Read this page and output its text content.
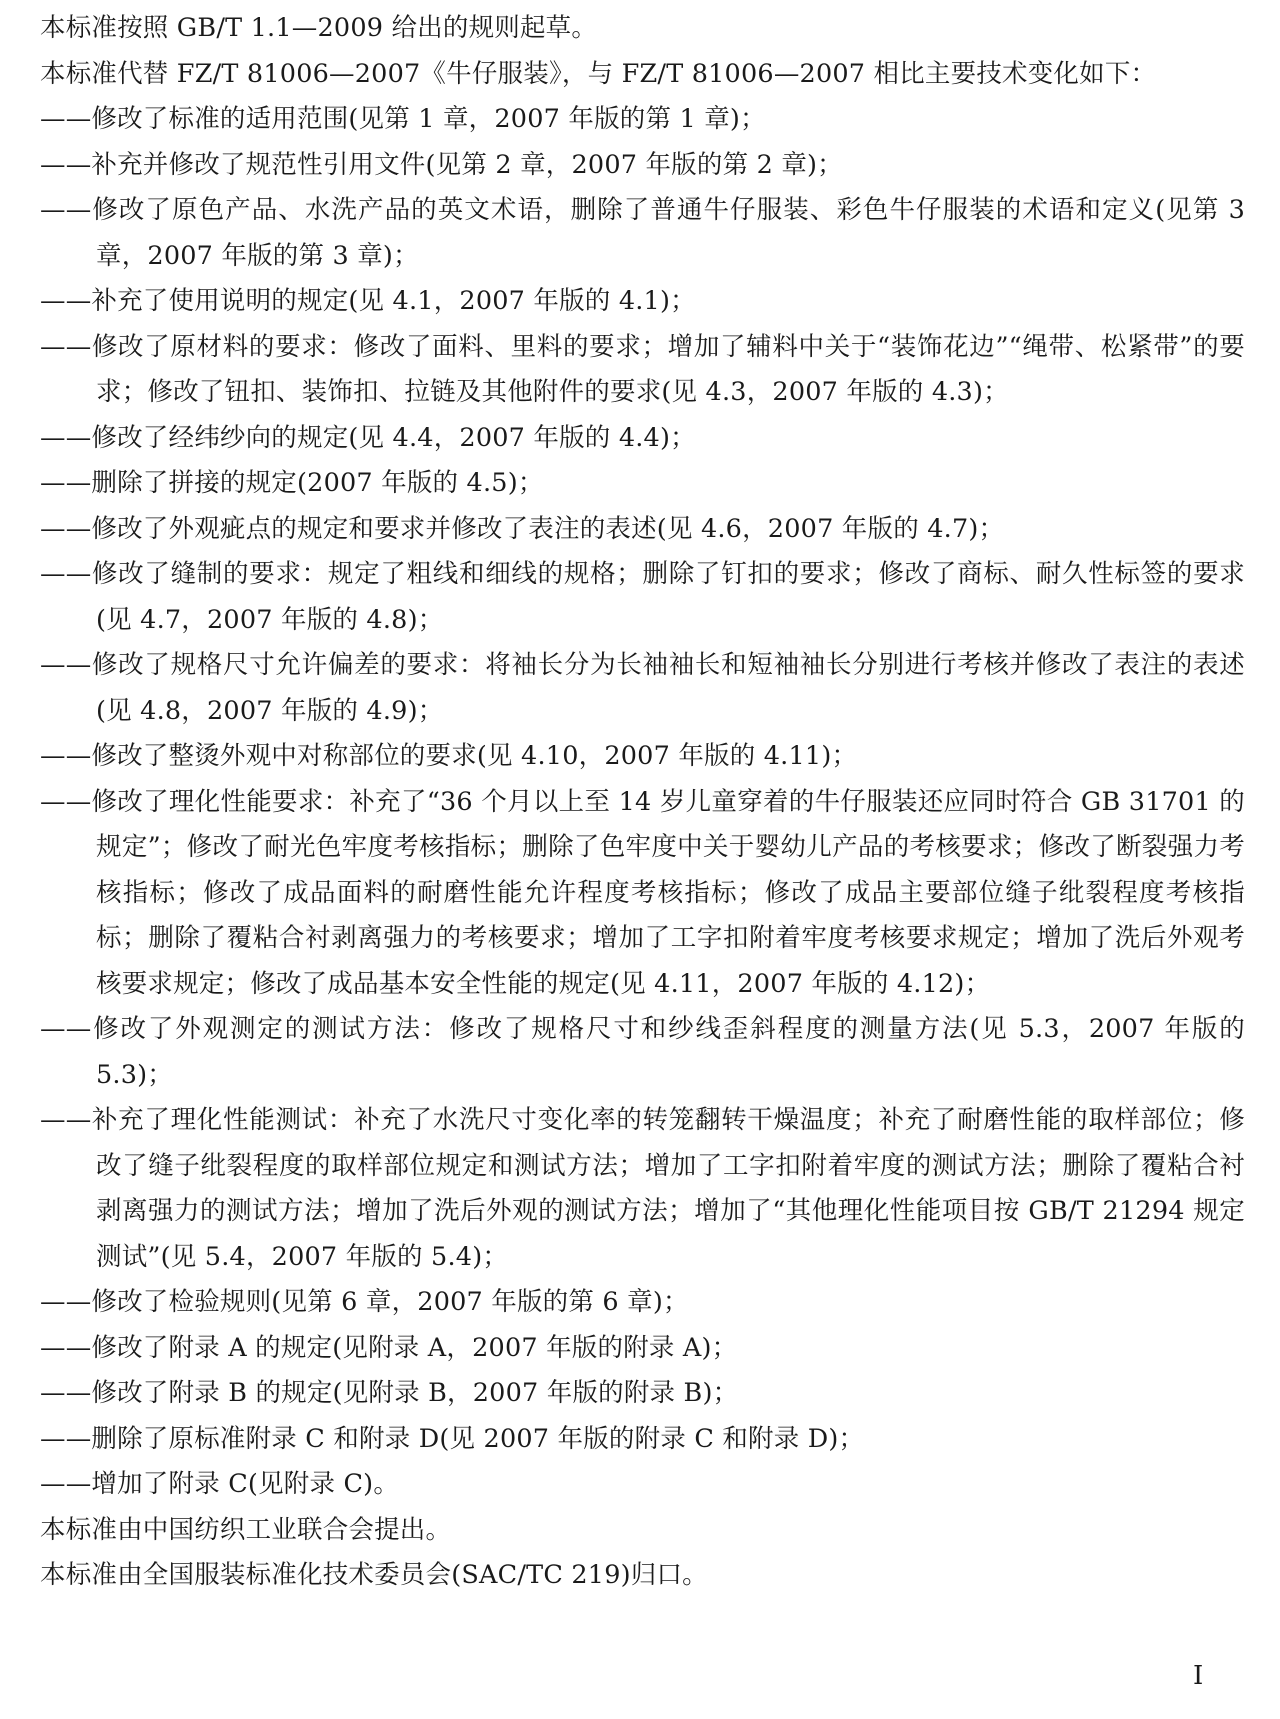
本标准按照 GB/T 1.1—2009 给出的规则起草。

本标准代替 FZ/T 81006—2007《牛仔服装》，与 FZ/T 81006—2007 相比主要技术变化如下：

——修改了标准的适用范围(见第 1 章，2007 年版的第 1 章)；

——补充并修改了规范性引用文件(见第 2 章，2007 年版的第 2 章)；

——修改了原色产品、水洗产品的英文术语，删除了普通牛仔服装、彩色牛仔服装的术语和定义(见第 3 章，2007 年版的第 3 章)；

——补充了使用说明的规定(见 4.1，2007 年版的 4.1)；

——修改了原材料的要求：修改了面料、里料的要求；增加了辅料中关于“装饰花边”“绳带、松紧带”的要求；修改了钮扣、装饰扣、拉链及其他附件的要求(见 4.3，2007 年版的 4.3)；

——修改了经纬纱向的规定(见 4.4，2007 年版的 4.4)；

——删除了拼接的规定(2007 年版的 4.5)；

——修改了外观疵点的规定和要求并修改了表注的表述(见 4.6，2007 年版的 4.7)；

——修改了缝制的要求：规定了粗线和细线的规格；删除了钉扣的要求；修改了商标、耐久性标签的要求(见 4.7，2007 年版的 4.8)；

——修改了规格尺寸允许偏差的要求：将袖长分为长袖袖长和短袖袖长分别进行考核并修改了表注的表述(见 4.8，2007 年版的 4.9)；

——修改了整烫外观中对称部位的要求(见 4.10，2007 年版的 4.11)；

——修改了理化性能要求：补充了“36 个月以上至 14 岁儿童穿着的牛仔服装还应同时符合 GB 31701 的规定”；修改了耐光色牢度考核指标；删除了色牢度中关于婴幼儿产品的考核要求；修改了断裂强力考核指标；修改了成品面料的耐磨性能允许程度考核指标；修改了成品主要部位缝子纰裂程度考核指标；删除了覆粘合衬剥离强力的考核要求；增加了工字扣附着牢度考核要求规定；增加了洗后外观考核要求规定；修改了成品基本安全性能的规定(见 4.11，2007 年版的 4.12)；

——修改了外观测定的测试方法：修改了规格尺寸和纱线歪斜程度的测量方法(见 5.3，2007 年版的 5.3)；

——补充了理化性能测试：补充了水洗尺寸变化率的转笼翻转干燥温度；补充了耐磨性能的取样部位；修改了缝子纰裂程度的取样部位规定和测试方法；增加了工字扣附着牢度的测试方法；删除了覆粘合衬剥离强力的测试方法；增加了洗后外观的测试方法；增加了“其他理化性能项目按 GB/T 21294 规定测试”(见 5.4，2007 年版的 5.4)；

——修改了检验规则(见第 6 章，2007 年版的第 6 章)；

——修改了附录 A 的规定(见附录 A，2007 年版的附录 A)；

——修改了附录 B 的规定(见附录 B，2007 年版的附录 B)；

——删除了原标准附录 C 和附录 D(见 2007 年版的附录 C 和附录 D)；

——增加了附录 C(见附录 C)。

本标准由中国纺织工业联合会提出。

本标准由全国服装标准化技术委员会(SAC/TC 219)归口。

Ⅰ
